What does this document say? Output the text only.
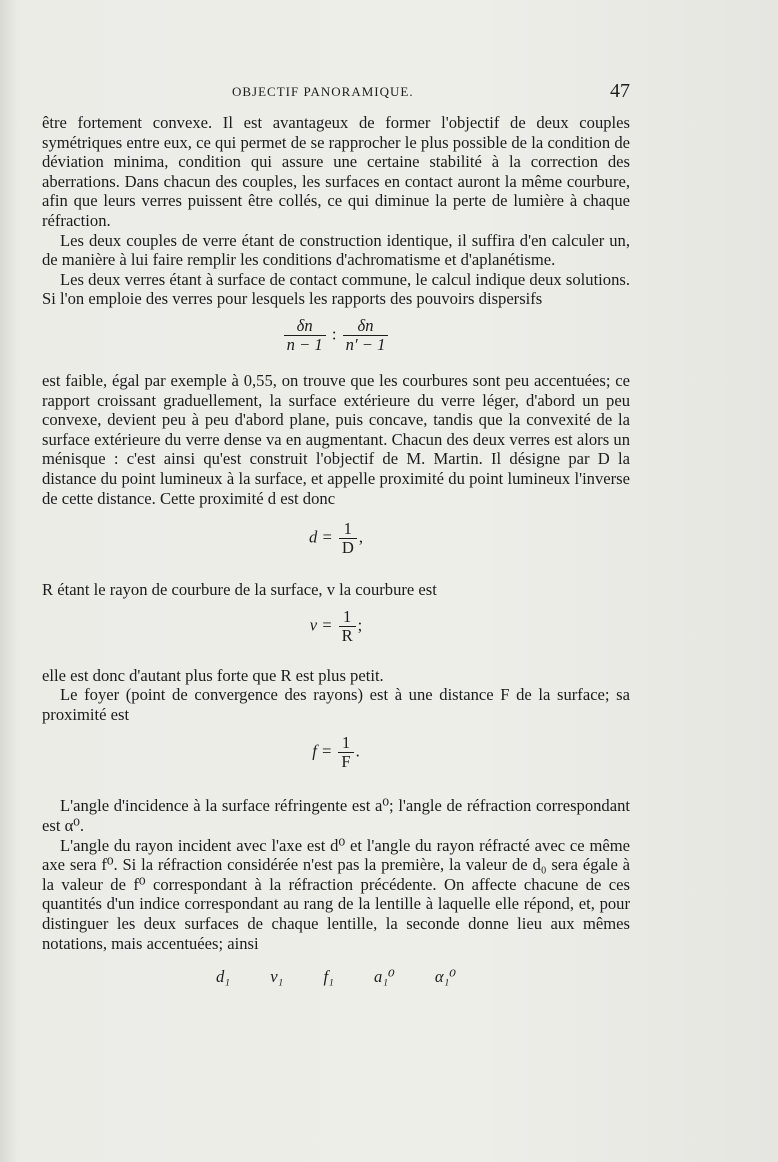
OBJECTIF PANORAMIQUE.	47

être fortement convexe. Il est avantageux de former l'objectif de deux couples symétriques entre eux, ce qui permet de se rapprocher le plus possible de la condition de déviation minima, condition qui assure une certaine stabilité à la correction des aberrations. Dans chacun des couples, les surfaces en contact auront la même courbure, afin que leurs verres puissent être collés, ce qui diminue la perte de lumière à chaque réfraction.

Les deux couples de verre étant de construction identique, il suffira d'en calculer un, de manière à lui faire remplir les conditions d'achromatisme et d'aplanétisme.

Les deux verres étant à surface de contact commune, le calcul indique deux solutions. Si l'on emploie des verres pour lesquels les rapports des pouvoirs dispersifs

$\frac{\delta n}{n - 1}$ : $\frac{\delta n}{n' - 1}$

est faible, égal par exemple à 0,55, on trouve que les courbures sont peu accentuées; ce rapport croissant graduellement, la surface extérieure du verre léger, d'abord un peu convexe, devient peu à peu d'abord plane, puis concave, tandis que la convexité de la surface extérieure du verre dense va en augmentant. Chacun des deux verres est alors un ménisque : c'est ainsi qu'est construit l'objectif de M. Martin. Il désigne par D la distance du point lumineux à la surface, et appelle proximité du point lumineux l'inverse de cette distance. Cette proximité d est donc

$d = \frac{1}{D}$ ,

R étant le rayon de courbure de la surface, v la courbure est

$v = \frac{1}{R}$ ;

elle est donc d'autant plus forte que R est plus petit.

Le foyer (point de convergence des rayons) est à une distance F de la surface; sa proximité est

$f = \frac{1}{F}$ .

L'angle d'incidence à la surface réfringente est a⁰; l'angle de réfraction correspondant est α⁰.

L'angle du rayon incident avec l'axe est d⁰ et l'angle du rayon réfracté avec ce même axe sera f⁰. Si la réfraction considérée n'est pas la première, la valeur de d₀ sera égale à la valeur de f⁰ correspondant à la réfraction précédente. On affecte chacune de ces quantités d'un indice correspondant au rang de la lentille à laquelle elle répond, et, pour distinguer les deux surfaces de chaque lentille, la seconde donne lieu aux mêmes notations, mais accentuées; ainsi

d₁ v₁ f₁ a₁⁰ α₁⁰
